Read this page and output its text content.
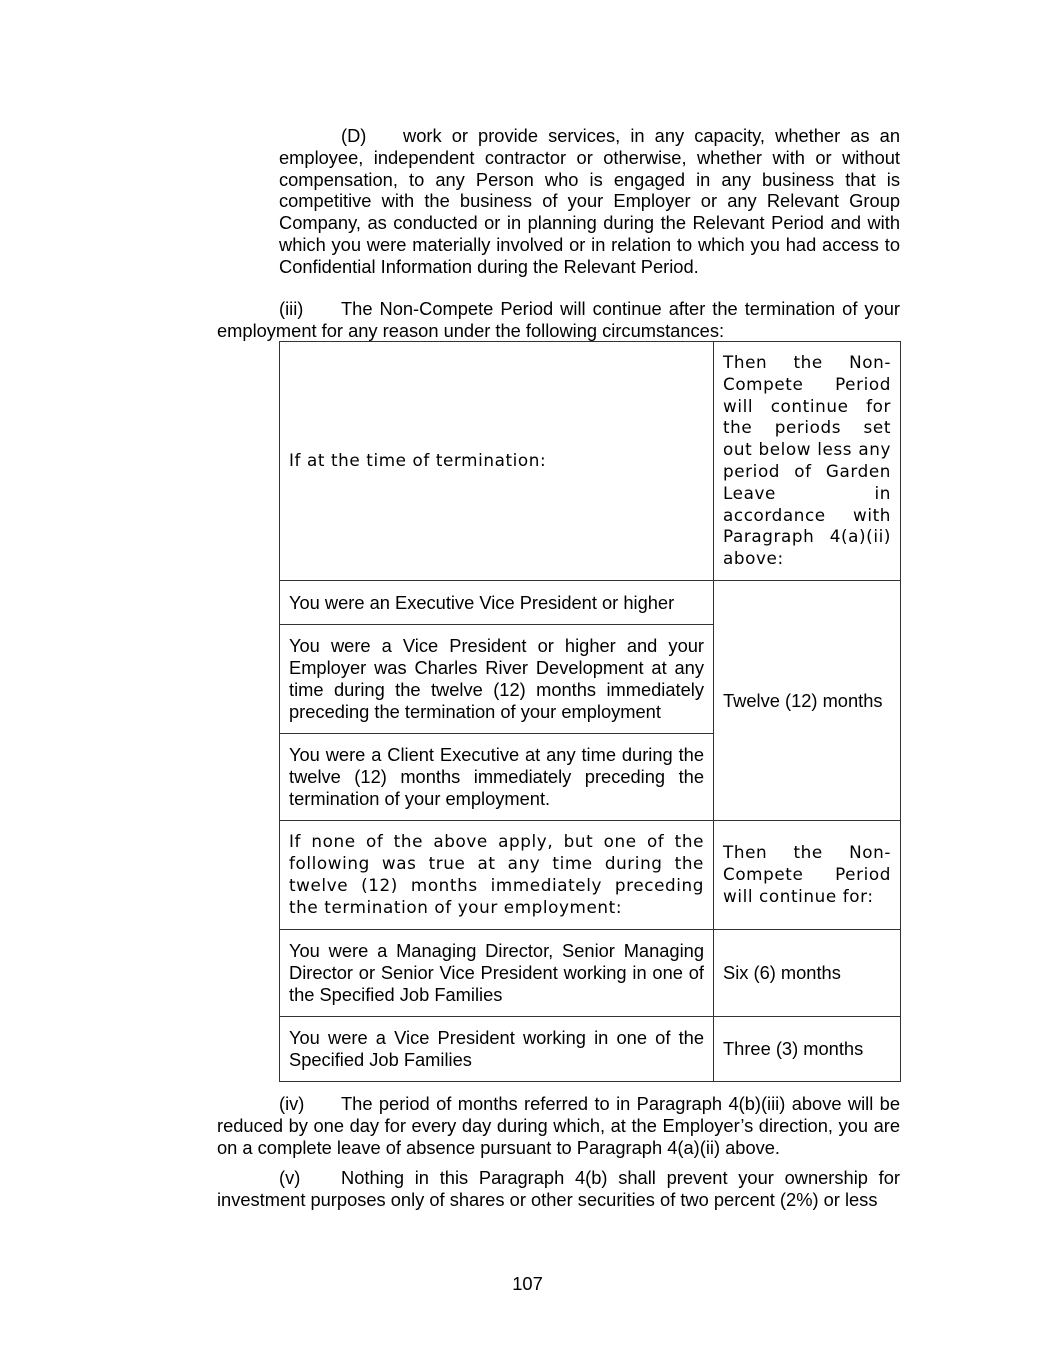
(D) work or provide services, in any capacity, whether as an employee, independent contractor or otherwise, whether with or without compensation, to any Person who is engaged in any business that is competitive with the business of your Employer or any Relevant Group Company, as conducted or in planning during the Relevant Period and with which you were materially involved or in relation to which you had access to Confidential Information during the Relevant Period.
(iii) The Non-Compete Period will continue after the termination of your employment for any reason under the following circumstances:
If at the time of termination:	Then the Non-Compete Period will continue for the periods set out below less any period of Garden Leave in accordance with Paragraph 4(a)(ii) above:
You were an Executive Vice President or higher	Twelve (12) months
You were a Vice President or higher and your Employer was Charles River Development at any time during the twelve (12) months immediately preceding the termination of your employment	
You were a Client Executive at any time during the twelve (12) months immediately preceding the termination of your employment.	
If none of the above apply, but one of the following was true at any time during the twelve (12) months immediately preceding the termination of your employment:	Then the Non-Compete Period will continue for:
You were a Managing Director, Senior Managing Director or Senior Vice President working in one of the Specified Job Families	Six (6) months
You were a Vice President working in one of the Specified Job Families	Three (3) months
(iv) The period of months referred to in Paragraph 4(b)(iii) above will be reduced by one day for every day during which, at the Employer’s direction, you are on a complete leave of absence pursuant to Paragraph 4(a)(ii) above.
(v) Nothing in this Paragraph 4(b) shall prevent your ownership for investment purposes only of shares or other securities of two percent (2%) or less
107
